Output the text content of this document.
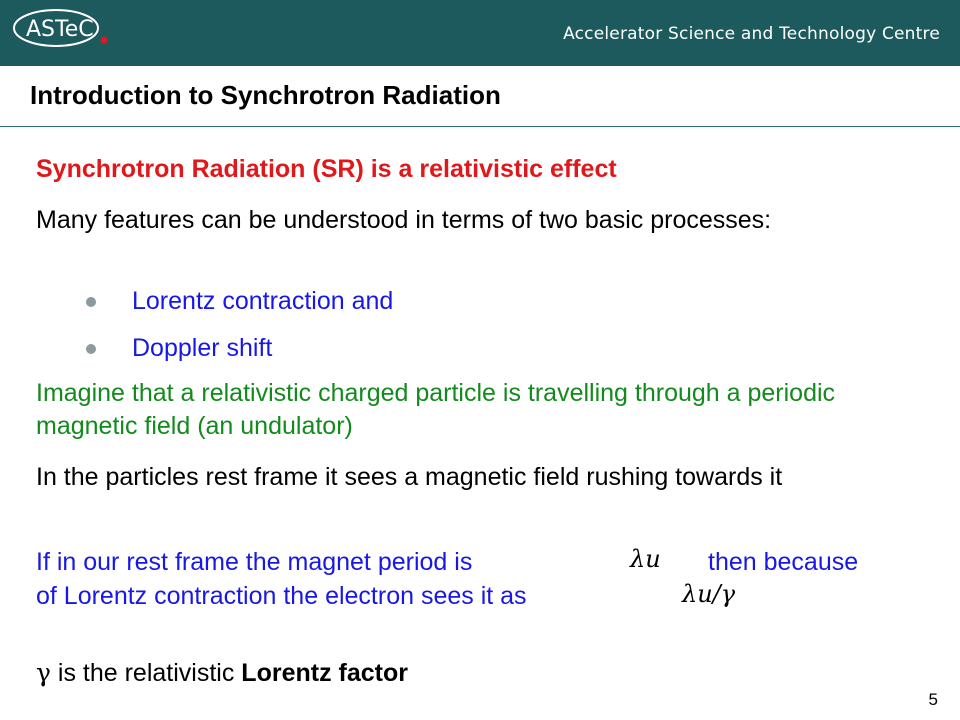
ASTeC	Accelerator Science and Technology Centre
Introduction to Synchrotron Radiation
Synchrotron Radiation (SR) is a relativistic effect
Many features can be understood in terms of two basic processes:
Lorentz contraction and
Doppler shift
Imagine that a relativistic charged particle is travelling through a periodic magnetic field (an undulator)
In the particles rest frame it sees a magnetic field rushing towards it
If in our rest frame the magnet period is	then because
of Lorentz contraction the electron sees it as
λu
λu/γ
γ is the relativistic Lorentz factor
5
